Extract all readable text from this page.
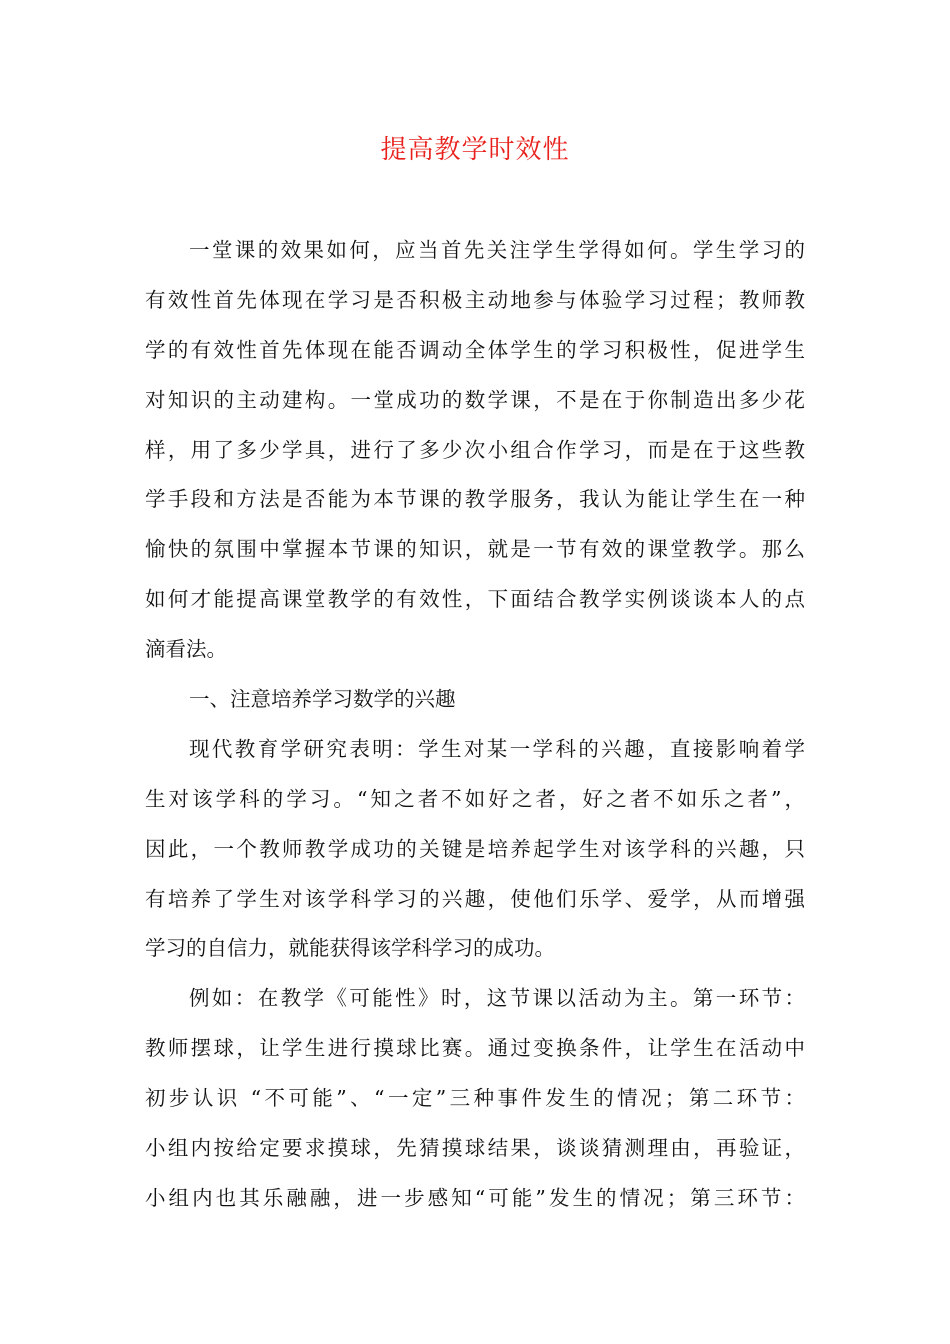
提高教学时效性
一堂课的效果如何，应当首先关注学生学得如何。学生学习的
有效性首先体现在学习是否积极主动地参与体验学习过程；教师教
学的有效性首先体现在能否调动全体学生的学习积极性，促进学生
对知识的主动建构。一堂成功的数学课，不是在于你制造出多少花
样，用了多少学具，进行了多少次小组合作学习，而是在于这些教
学手段和方法是否能为本节课的教学服务，我认为能让学生在一种
愉快的氛围中掌握本节课的知识，就是一节有效的课堂教学。那么
如何才能提高课堂教学的有效性，下面结合教学实例谈谈本人的点
滴看法。
一、注意培养学习数学的兴趣
现代教育学研究表明：学生对某一学科的兴趣，直接影响着学
生对该学科的学习。“知之者不如好之者，好之者不如乐之者”，
因此，一个教师教学成功的关键是培养起学生对该学科的兴趣，只
有培养了学生对该学科学习的兴趣，使他们乐学、爱学，从而增强
学习的自信力，就能获得该学科学习的成功。
例如：在教学《可能性》时，这节课以活动为主。第一环节：
教师摆球，让学生进行摸球比赛。通过变换条件，让学生在活动中
初步认识 “不可能”、“一定”三种事件发生的情况；第二环节：
小组内按给定要求摸球，先猜摸球结果，谈谈猜测理由，再验证，
小组内也其乐融融，进一步感知“可能”发生的情况；第三环节：
